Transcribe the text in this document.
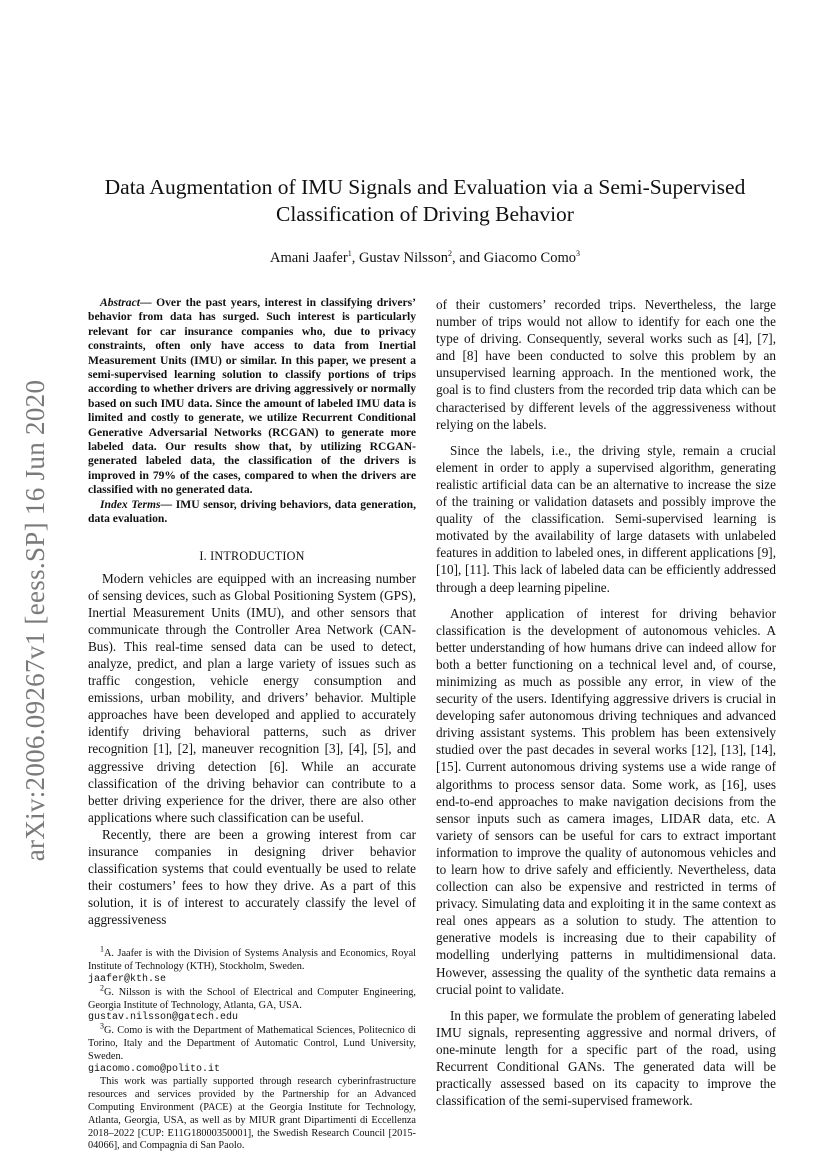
arXiv:2006.09267v1 [eess.SP] 16 Jun 2020
Data Augmentation of IMU Signals and Evaluation via a Semi-Supervised Classification of Driving Behavior
Amani Jaafer$^1$, Gustav Nilsson$^2$, and Giacomo Como$^3$

Abstract— Over the past years, interest in classifying drivers’ behavior from data has surged. Such interest is particularly relevant for car insurance companies who, due to privacy constraints, often only have access to data from Inertial Measurement Units (IMU) or similar. In this paper, we present a semi-supervised learning solution to classify portions of trips according to whether drivers are driving aggressively or normally based on such IMU data. Since the amount of labeled IMU data is limited and costly to generate, we utilize Recurrent Conditional Generative Adversarial Networks (RCGAN) to generate more labeled data. Our results show that, by utilizing RCGAN-generated labeled data, the classification of the drivers is improved in 79% of the cases, compared to when the drivers are classified with no generated data.

Index Terms— IMU sensor, driving behaviors, data generation, data evaluation.

I. INTRODUCTION

Modern vehicles are equipped with an increasing number of sensing devices, such as Global Positioning System (GPS), Inertial Measurement Units (IMU), and other sensors that communicate through the Controller Area Network (CAN-Bus). This real-time sensed data can be used to detect, analyze, predict, and plan a large variety of issues such as traffic congestion, vehicle energy consumption and emissions, urban mobility, and drivers’ behavior. Multiple approaches have been developed and applied to accurately identify driving behavioral patterns, such as driver recognition [1], [2], maneuver recognition [3], [4], [5], and aggressive driving detection [6]. While an accurate classification of the driving behavior can contribute to a better driving experience for the driver, there are also other applications where such classification can be useful.

Recently, there are been a growing interest from car insurance companies in designing driver behavior classification systems that could eventually be used to relate their costumers’ fees to how they drive. As a part of this solution, it is of interest to accurately classify the level of aggressiveness

$^1$A. Jaafer is with the Division of Systems Analysis and Economics, Royal Institute of Technology (KTH), Stockholm, Sweden.
jaafer@kth.se

$^2$G. Nilsson is with the School of Electrical and Computer Engineering, Georgia Institute of Technology, Atlanta, GA, USA.
gustav.nilsson@gatech.edu

$^3$G. Como is with the Department of Mathematical Sciences, Politecnico di Torino, Italy and the Department of Automatic Control, Lund University, Sweden.
giacomo.como@polito.it

This work was partially supported through research cyberinfrastructure resources and services provided by the Partnership for an Advanced Computing Environment (PACE) at the Georgia Institute for Technology, Atlanta, Georgia, USA, as well as by MIUR grant Dipartimenti di Eccellenza 2018–2022 [CUP: E11G18000350001], the Swedish Research Council [2015-04066], and Compagnia di San Paolo.

of their customers’ recorded trips. Nevertheless, the large number of trips would not allow to identify for each one the type of driving. Consequently, several works such as [4], [7], and [8] have been conducted to solve this problem by an unsupervised learning approach. In the mentioned work, the goal is to find clusters from the recorded trip data which can be characterised by different levels of the aggressiveness without relying on the labels.

Since the labels, i.e., the driving style, remain a crucial element in order to apply a supervised algorithm, generating realistic artificial data can be an alternative to increase the size of the training or validation datasets and possibly improve the quality of the classification. Semi-supervised learning is motivated by the availability of large datasets with unlabeled features in addition to labeled ones, in different applications [9], [10], [11]. This lack of labeled data can be efficiently addressed through a deep learning pipeline.

Another application of interest for driving behavior classification is the development of autonomous vehicles. A better understanding of how humans drive can indeed allow for both a better functioning on a technical level and, of course, minimizing as much as possible any error, in view of the security of the users. Identifying aggressive drivers is crucial in developing safer autonomous driving techniques and advanced driving assistant systems. This problem has been extensively studied over the past decades in several works [12], [13], [14], [15]. Current autonomous driving systems use a wide range of algorithms to process sensor data. Some work, as [16], uses end-to-end approaches to make navigation decisions from the sensor inputs such as camera images, LIDAR data, etc. A variety of sensors can be useful for cars to extract important information to improve the quality of autonomous vehicles and to learn how to drive safely and efficiently. Nevertheless, data collection can also be expensive and restricted in terms of privacy. Simulating data and exploiting it in the same context as real ones appears as a solution to study. The attention to generative models is increasing due to their capability of modelling underlying patterns in multidimensional data. However, assessing the quality of the synthetic data remains a crucial point to validate.

In this paper, we formulate the problem of generating labeled IMU signals, representing aggressive and normal drivers, of one-minute length for a specific part of the road, using Recurrent Conditional GANs. The generated data will be practically assessed based on its capacity to improve the classification of the semi-supervised framework.
